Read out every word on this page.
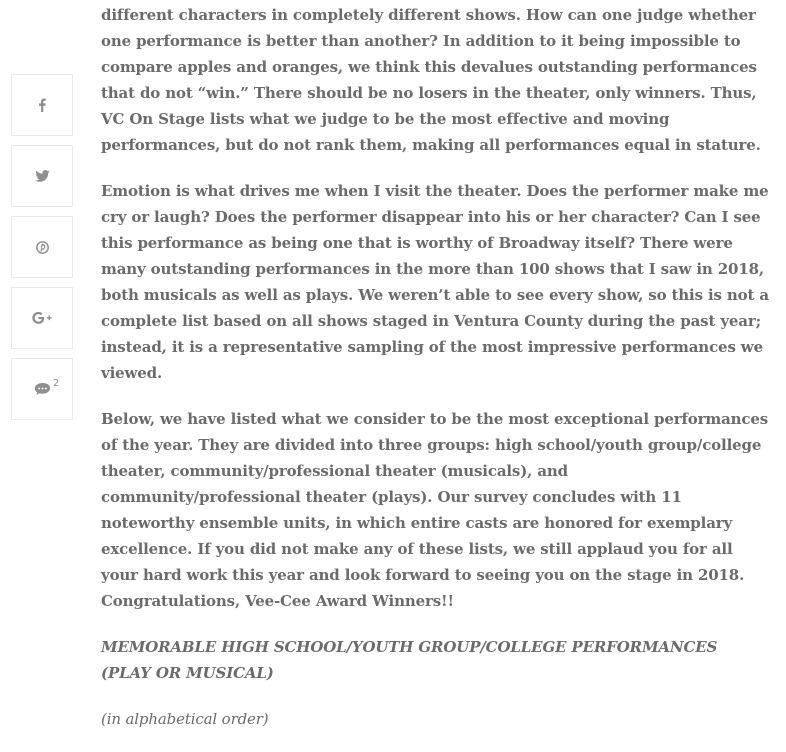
2

different characters in completely different shows. How can one judge whether one performance is better than another? In addition to it being impossible to compare apples and oranges, we think this devalues outstanding performances that do not “win.” There should be no losers in the theater, only winners. Thus, VC On Stage lists what we judge to be the most effective and moving performances, but do not rank them, making all performances equal in stature.

Emotion is what drives me when I visit the theater. Does the performer make me cry or laugh? Does the performer disappear into his or her character? Can I see this performance as being one that is worthy of Broadway itself? There were many outstanding performances in the more than 100 shows that I saw in 2018, both musicals as well as plays. We weren’t able to see every show, so this is not a complete list based on all shows staged in Ventura County during the past year; instead, it is a representative sampling of the most impressive performances we viewed.

Below, we have listed what we consider to be the most exceptional performances of the year. They are divided into three groups: high school/youth group/college theater, community/professional theater (musicals), and community/professional theater (plays). Our survey concludes with 11 noteworthy ensemble units, in which entire casts are honored for exemplary excellence. If you did not make any of these lists, we still applaud you for all your hard work this year and look forward to seeing you on the stage in 2018. Congratulations, Vee-Cee Award Winners!!

MEMORABLE HIGH SCHOOL/YOUTH GROUP/COLLEGE PERFORMANCES (PLAY OR MUSICAL)

(in alphabetical order)
